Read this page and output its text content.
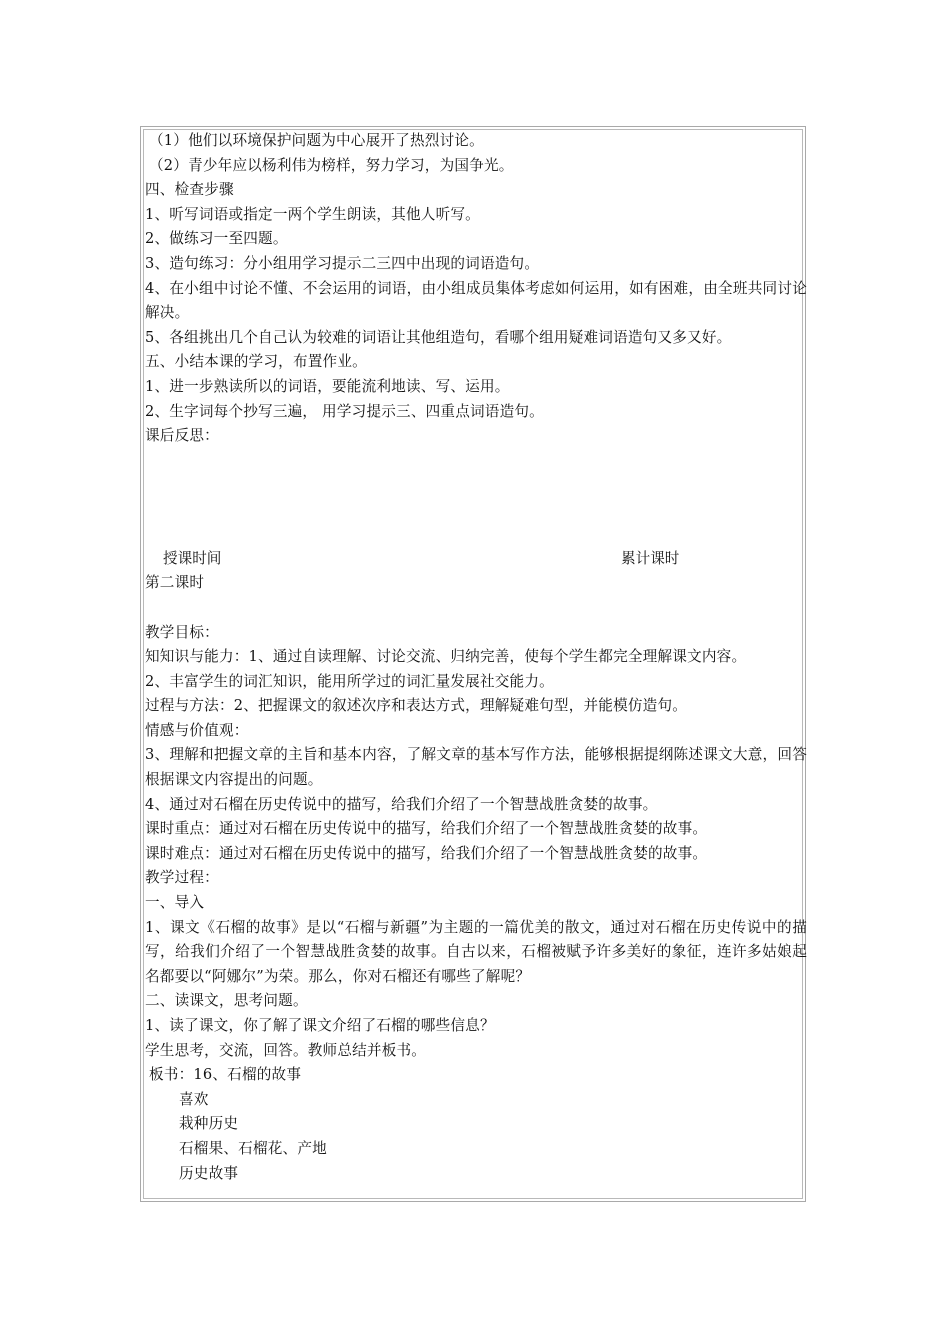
（1）他们以环境保护问题为中心展开了热烈讨论。
（2）青少年应以杨利伟为榜样，努力学习，为国争光。
四、检查步骤
1、听写词语或指定一两个学生朗读，其他人听写。
2、做练习一至四题。
3、造句练习：分小组用学习提示二三四中出现的词语造句。
4、在小组中讨论不懂、不会运用的词语，由小组成员集体考虑如何运用，如有困难，由全班共同讨论解决。
5、各组挑出几个自己认为较难的词语让其他组造句，看哪个组用疑难词语造句又多又好。
五、小结本课的学习，布置作业。
1、进一步熟读所以的词语，要能流利地读、写、运用。
2、生字词每个抄写三遍， 用学习提示三、四重点词语造句。
课后反思：
授课时间	累计课时
第二课时
教学目标：
知知识与能力：1、通过自读理解、讨论交流、归纳完善，使每个学生都完全理解课文内容。
2、丰富学生的词汇知识，能用所学过的词汇量发展社交能力。
过程与方法：2、把握课文的叙述次序和表达方式，理解疑难句型，并能模仿造句。
情感与价值观：
3、理解和把握文章的主旨和基本内容，了解文章的基本写作方法，能够根据提纲陈述课文大意，回答根据课文内容提出的问题。
4、通过对石榴在历史传说中的描写，给我们介绍了一个智慧战胜贪婪的故事。
课时重点：通过对石榴在历史传说中的描写，给我们介绍了一个智慧战胜贪婪的故事。
课时难点：通过对石榴在历史传说中的描写，给我们介绍了一个智慧战胜贪婪的故事。
教学过程：
一、导入
1、课文《石榴的故事》是以“石榴与新疆”为主题的一篇优美的散文，通过对石榴在历史传说中的描写，给我们介绍了一个智慧战胜贪婪的故事。自古以来，石榴被赋予许多美好的象征，连许多姑娘起名都要以“阿娜尔”为荣。那么，你对石榴还有哪些了解呢？
二、读课文，思考问题。
1、读了课文，你了解了课文介绍了石榴的哪些信息？
学生思考，交流，回答。教师总结并板书。
板书：16、石榴的故事
喜欢
栽种历史
石榴果、石榴花、产地
历史故事
